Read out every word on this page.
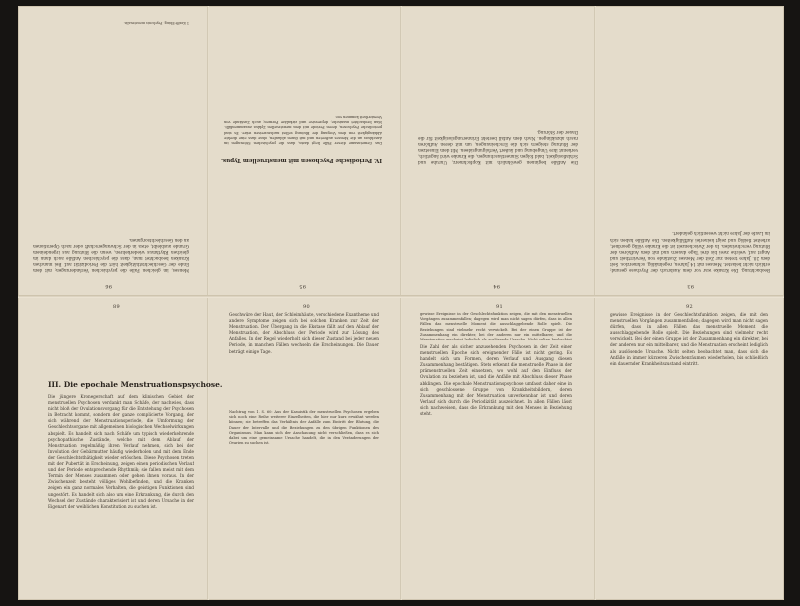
89
III. Die epochale Menstruationspsychose.
Die jüngere Kronegerschaft auf dem klinischen Gebiet der menstruellen Psychosen verdankt man Schäfe, der nachwies, dass nicht bloß der Ovulationsvorgang für die Entstehung der Psychosen in Betracht kommt, sondern der ganze complicierte Vorgang, der sich während der Menstruationsperiode, die Umformung der Geschlechtsorgane mit allgemeinen biologischen Wechselwirkungen abspielt. Es handelt sich nach Schäfe um typisch wiederkehrende psychopathische Zustände, welche mit dem Ablauf der Menstruation regelmäßig ihren Verlauf nehmen, sich bei der Involution der Gebärmutter häufig wiederholen und mit dem Ende der Geschlechtsthätigkeit wieder erlöschen. Diese Psychosen treten mit der Pubertät in Erscheinung, zeigen einen periodischen Verlauf und der Periode entsprechende Rhythmik; sie fallen meist mit dem Termin der Menses zusammen oder gehen ihnen voraus. In der Zwischenzeit besteht völliges Wohlbefinden, und die Kranken zeigen ein ganz normales Verhalten, die geistigen Funktionen sind ungestört. Es handelt sich also um eine Erkrankung, die durch den Wechsel der Zustände charakterisiert ist und deren Ursache in der Eigenart der weiblichen Konstitution zu suchen ist.
90
Geschwüre der Haut, der Schleimhäute, verschiedene Exantheme und andere Symptome zeigen sich bei solchen Kranken zur Zeit der Menstruation. Der Übergang in die Ekstase fällt auf den Ablauf der Menstruation, der Abschluss der Periode wird zur Lösung des Anfalles. In der Regel wiederholt sich dieser Zustand bei jeder neuen Periode, in manchen Fällen wechseln die Erscheinungen. Die Dauer beträgt einige Tage.
Nachtrag von 1. S. 60: Aus der Kasuistik der menstruellen Psychosen ergeben sich noch eine Reihe weiterer Einzelheiten, die hier nur kurz erwähnt werden können; sie betreffen das Verhältnis der Anfälle zum Eintritt der Blutung, die Dauer der Intervalle und die Beziehungen zu den übrigen Funktionen des Organismus. Man kann sich der Anschauung nicht verschließen, dass es sich dabei um eine gemeinsame Ursache handelt, die in den Veränderungen der Ovarien zu suchen ist.
91
gewisse Ereignisse in der Geschlechtsfunktion zeigen, die mit den menstruellen Vorgängen zusammenfallen; dagegen wird man nicht sagen dürfen, dass in allen Fällen das menstruelle Moment die ausschlaggebende Rolle spielt. Die Beziehungen sind vielmehr recht verwickelt. Bei der einen Gruppe ist der Zusammenhang ein direkter, bei der anderen nur ein mittelbarer, und die
Die Zahl der als sicher anzusehenden Psychosen in der Zeit einer menstruellen Epoche sich ereignender Fälle ist nicht gering. Es handelt sich um Formen, deren Verlauf und Ausgang diesen Zusammenhang bestätigen. Stets erkennt die menstruelle Phase in der prämenstruellen Zeit einsetzen, wo wohl auf den Einfluss der Ovulation zu beziehen ist, und die Anfälle mit Abschluss dieser Phase abklingen. Die epochale Menstruationspsychose umfasst daher eine in sich geschlossene Gruppe von Krankheitsbildern, deren Zusammenhang mit der Menstruation unverkennbar ist und deren Verlauf sich durch die Periodizität auszeichnet. In allen Fällen lässt sich nachweisen, dass die Erkrankung mit den Menses in Beziehung steht.
92
gewisse Ereignisse in der Geschlechtsfunktion zeigen, die mit den menstruellen Vorgängen zusammenfallen; dagegen wird man nicht sagen dürfen, dass in allen Fällen das menstruelle Moment die ausschlaggebende Rolle spielt. Die Beziehungen sind vielmehr recht verwickelt. Bei der einen Gruppe ist der Zusammenhang ein direkter, bei der anderen nur ein mittelbarer, und die Menstruation erscheint lediglich als auslösende Ursache. Nicht selten beobachtet man, dass sich die Anfälle in immer kürzeren Zwischenräumen wiederholen, bis schließlich ein dauernder Krankheitszustand eintritt.
93
Beobachtung. Die Kranke war vor dem Ausbruch der Psychose gesund; erblich nicht belastet. Menses mit 14 Jahren, regelmäßig, schmerzlos. Seit dem 20. Jahre treten zur Zeit der Menses Zustände von Verwirrtheit und Angst auf, welche zwei bis drei Tage dauern und mit dem Aufhören der Blutung verschwinden. In der Zwischenzeit ist die Kranke völlig geordnet, arbeitet fleißig und zeigt keinerlei Auffälligkeiten. Die Anfälle haben sich im Laufe der Jahre nicht wesentlich geändert.
94
Die Anfälle beginnen gewöhnlich mit Kopfschmerz, Unruhe und Schlaflosigkeit, bald folgen Sinnestäuschungen, die Kranke wird ängstlich, verkennt ihre Umgebung und äußert Verfolgungsideen. Mit dem Einsetzen der Blutung steigern sich die Erscheinungen, um mit deren Aufhören rasch abzuklingen. Nach dem Anfall besteht Erinnerungslosigkeit für die Dauer der Störung.
95
IV. Periodische Psychosen mit menstruellem Typus.
Das Gemeinsame dieser Fälle liegt darin, dass die psychischen Störungen im Anschluss an die Menses auftreten und mit ihnen ablaufen, ohne dass eine direkte Abhängigkeit von dem Vorgang der Blutung selbst nachzuweisen wäre. Es sind periodische Psychosen, deren Periode mit dem menstruellen Zyklus zusammenfällt. Man beobachtet manische, depressive und zirkuläre Formen; auch Zustände von Verwirrtheit kommen vor.
96
Menses, im gleichen Falle die psychischen Veränderungen; mit dem Ende der Geschlechtsthätigkeit hört die Periodizität auf. Bei manchen Kranken beobachtet man, dass die psychischen Anfälle auch dann im gleichen Rhythmus wiederkehren, wenn die Blutung aus irgendeinem Grunde ausbleibt, etwa in der Schwangerschaft oder nach Operationen an den Geschlechtsorganen.
1 Krafft-Ebing, Psychosis menstrualis.
